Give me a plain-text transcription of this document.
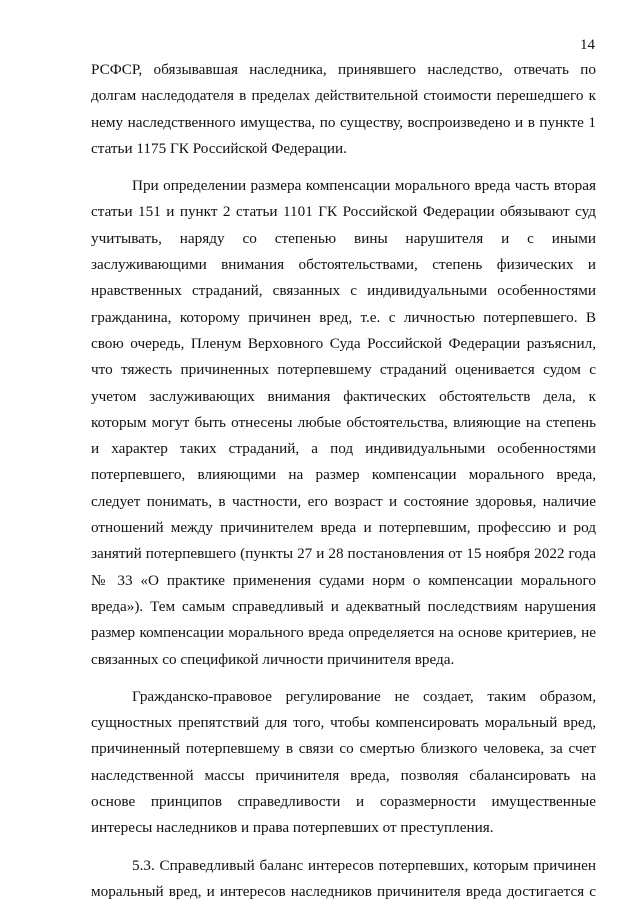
14
РСФСР, обязывавшая наследника, принявшего наследство, отвечать по
долгам наследодателя в пределах действительной стоимости перешедшего к
нему наследственного имущества, по существу, воспроизведено и в пункте 1
статьи 1175 ГК Российской Федерации.
При определении размера компенсации морального вреда часть вторая
статьи 151 и пункт 2 статьи 1101 ГК Российской Федерации обязывают суд
учитывать, наряду со степенью вины нарушителя и с иными
заслуживающими внимания обстоятельствами, степень физических и
нравственных страданий, связанных с индивидуальными особенностями
гражданина, которому причинен вред, т.е. с личностью потерпевшего. В
свою очередь, Пленум Верховного Суда Российской Федерации разъяснил,
что тяжесть причиненных потерпевшему страданий оценивается судом с
учетом заслуживающих внимания фактических обстоятельств дела, к
которым могут быть отнесены любые обстоятельства, влияющие на степень
и характер таких страданий, а под индивидуальными особенностями
потерпевшего, влияющими на размер компенсации морального вреда,
следует понимать, в частности, его возраст и состояние здоровья, наличие
отношений между причинителем вреда и потерпевшим, профессию и род
занятий потерпевшего (пункты 27 и 28 постановления от 15 ноября 2022 года
№ 33 «О практике применения судами норм о компенсации морального
вреда»). Тем самым справедливый и адекватный последствиям нарушения
размер компенсации морального вреда определяется на основе критериев, не
связанных со спецификой личности причинителя вреда.
Гражданско-правовое регулирование не создает, таким образом,
сущностных препятствий для того, чтобы компенсировать моральный вред,
причиненный потерпевшему в связи со смертью близкого человека, за счет
наследственной массы причинителя вреда, позволяя сбалансировать на
основе принципов справедливости и соразмерности имущественные
интересы наследников и права потерпевших от преступления.
5.3. Справедливый баланс интересов потерпевших, которым причинен
моральный вред, и интересов наследников причинителя вреда достигается с
